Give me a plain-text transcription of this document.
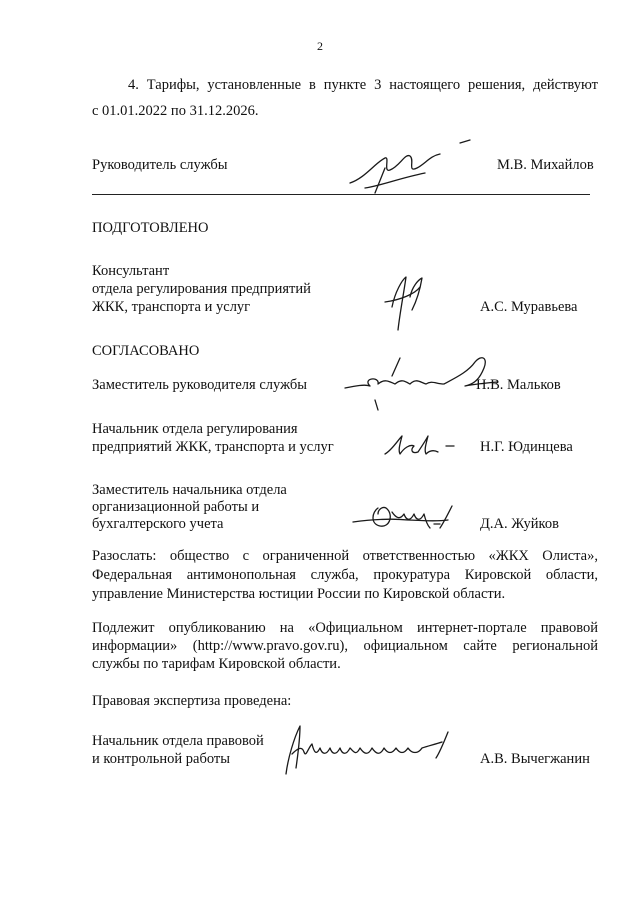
2
4. Тарифы, установленные в пункте 3 настоящего решения, действуют
с 01.01.2022 по 31.12.2026.
Руководитель службы	М.В. Михайлов
ПОДГОТОВЛЕНО
Консультант
отдела регулирования предприятий
ЖКК, транспорта и услуг	А.С. Муравьева
СОГЛАСОВАНО
Заместитель руководителя службы	Н.В. Мальков
Начальник отдела регулирования
предприятий ЖКК, транспорта и услуг	Н.Г. Юдинцева
Заместитель начальника отдела
организационной работы и
бухгалтерского учета	Д.А. Жуйков
Разослать: общество с ограниченной ответственностью «ЖКХ Олиста»,
Федеральная антимонопольная служба, прокуратура Кировской области,
управление Министерства юстиции России по Кировской области.
Подлежит опубликованию на «Официальном интернет-портале правовой
информации» (http://www.pravo.gov.ru), официальном сайте региональной
службы по тарифам Кировской области.
Правовая экспертиза проведена:
Начальник отдела правовой
и контрольной работы	А.В. Вычегжанин
